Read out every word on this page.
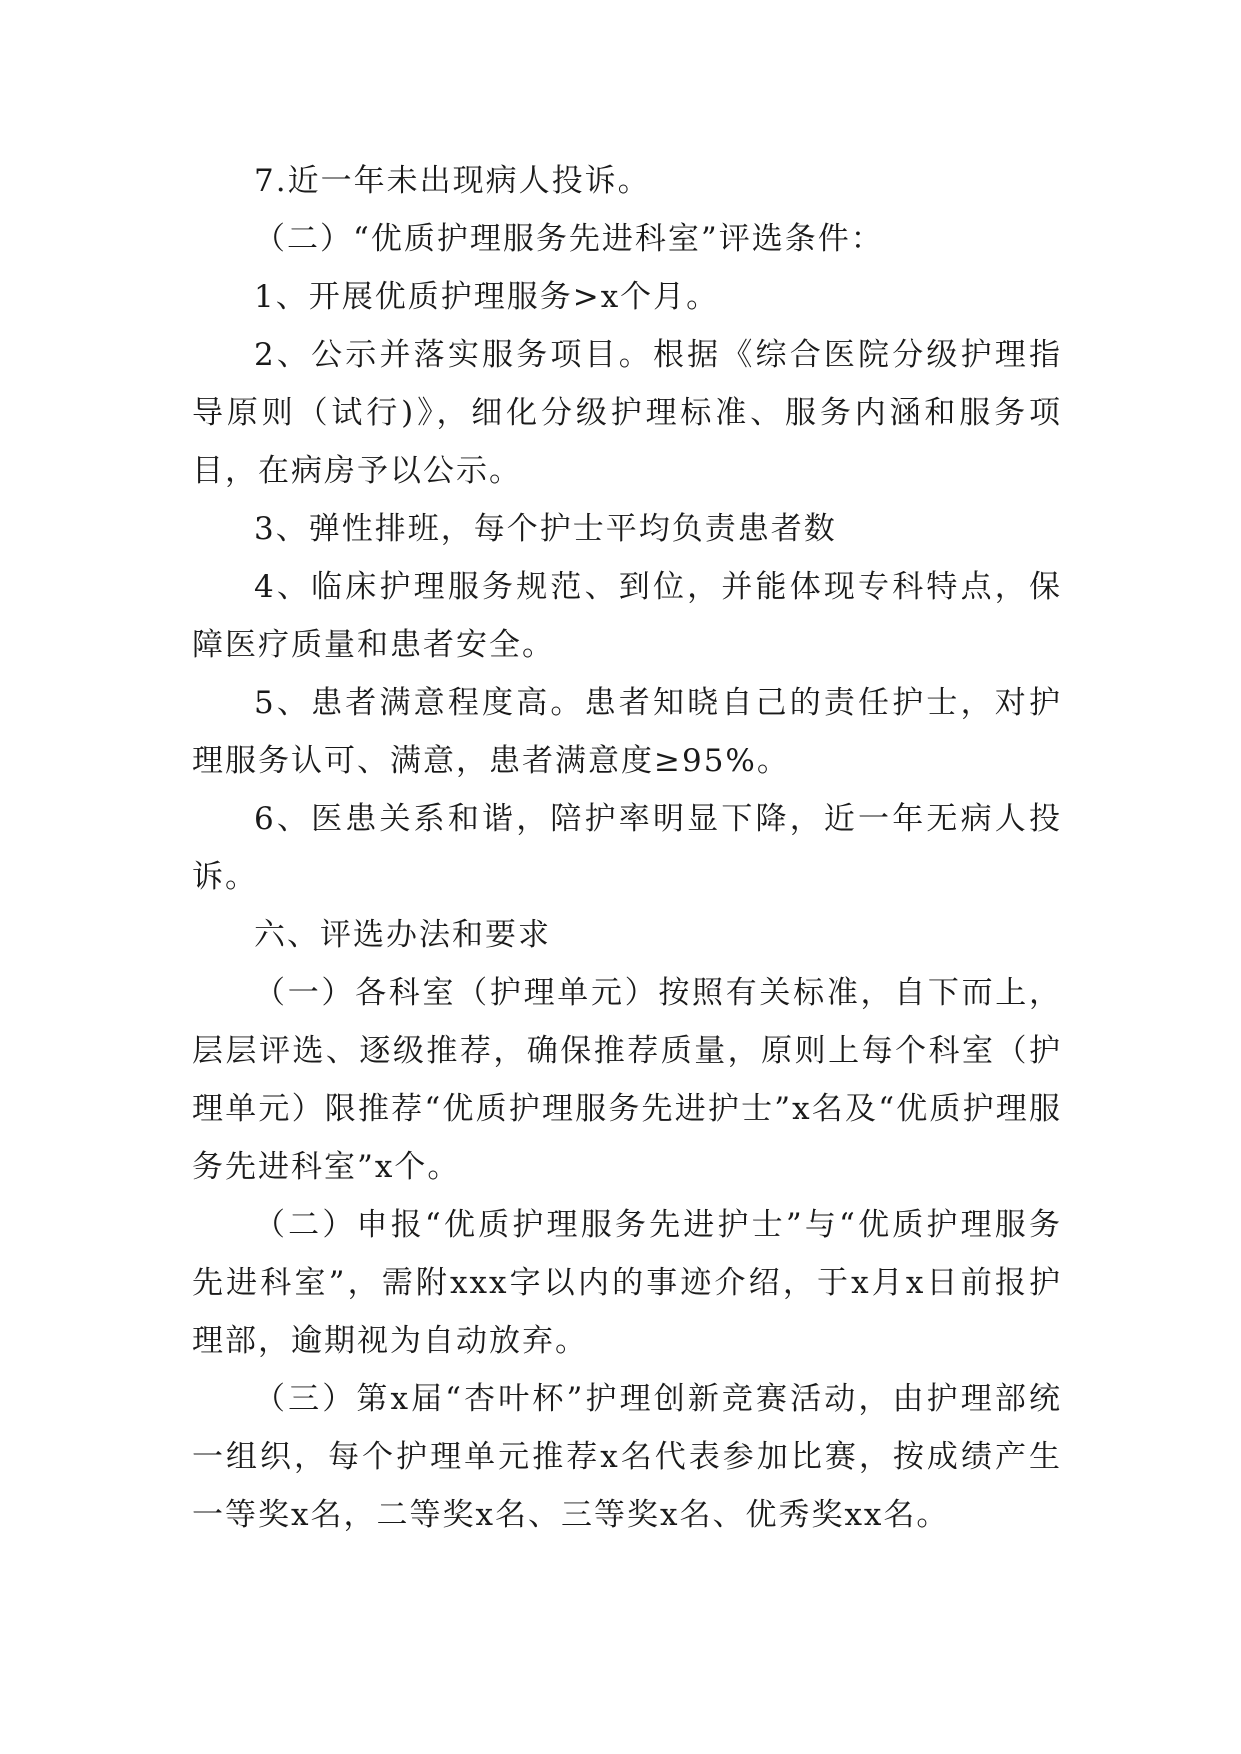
7.近一年未出现病人投诉。

（二）“优质护理服务先进科室”评选条件：

1、开展优质护理服务>x个月。

2、公示并落实服务项目。根据《综合医院分级护理指导原则（试行)》，细化分级护理标准、服务内涵和服务项目，在病房予以公示。

3、弹性排班，每个护士平均负责患者数

4、临床护理服务规范、到位，并能体现专科特点，保障医疗质量和患者安全。

5、患者满意程度高。患者知晓自己的责任护士，对护理服务认可、满意，患者满意度≥95%。

6、医患关系和谐，陪护率明显下降，近一年无病人投诉。

六、评选办法和要求

（一）各科室（护理单元）按照有关标准，自下而上，层层评选、逐级推荐，确保推荐质量，原则上每个科室（护理单元）限推荐“优质护理服务先进护士”x名及“优质护理服务先进科室”x个。

（二）申报“优质护理服务先进护士”与“优质护理服务先进科室”，需附xxx字以内的事迹介绍，于x月x日前报护理部，逾期视为自动放弃。

（三）第x届“杏叶杯”护理创新竞赛活动，由护理部统一组织，每个护理单元推荐x名代表参加比赛，按成绩产生一等奖x名，二等奖x名、三等奖x名、优秀奖xx名。
